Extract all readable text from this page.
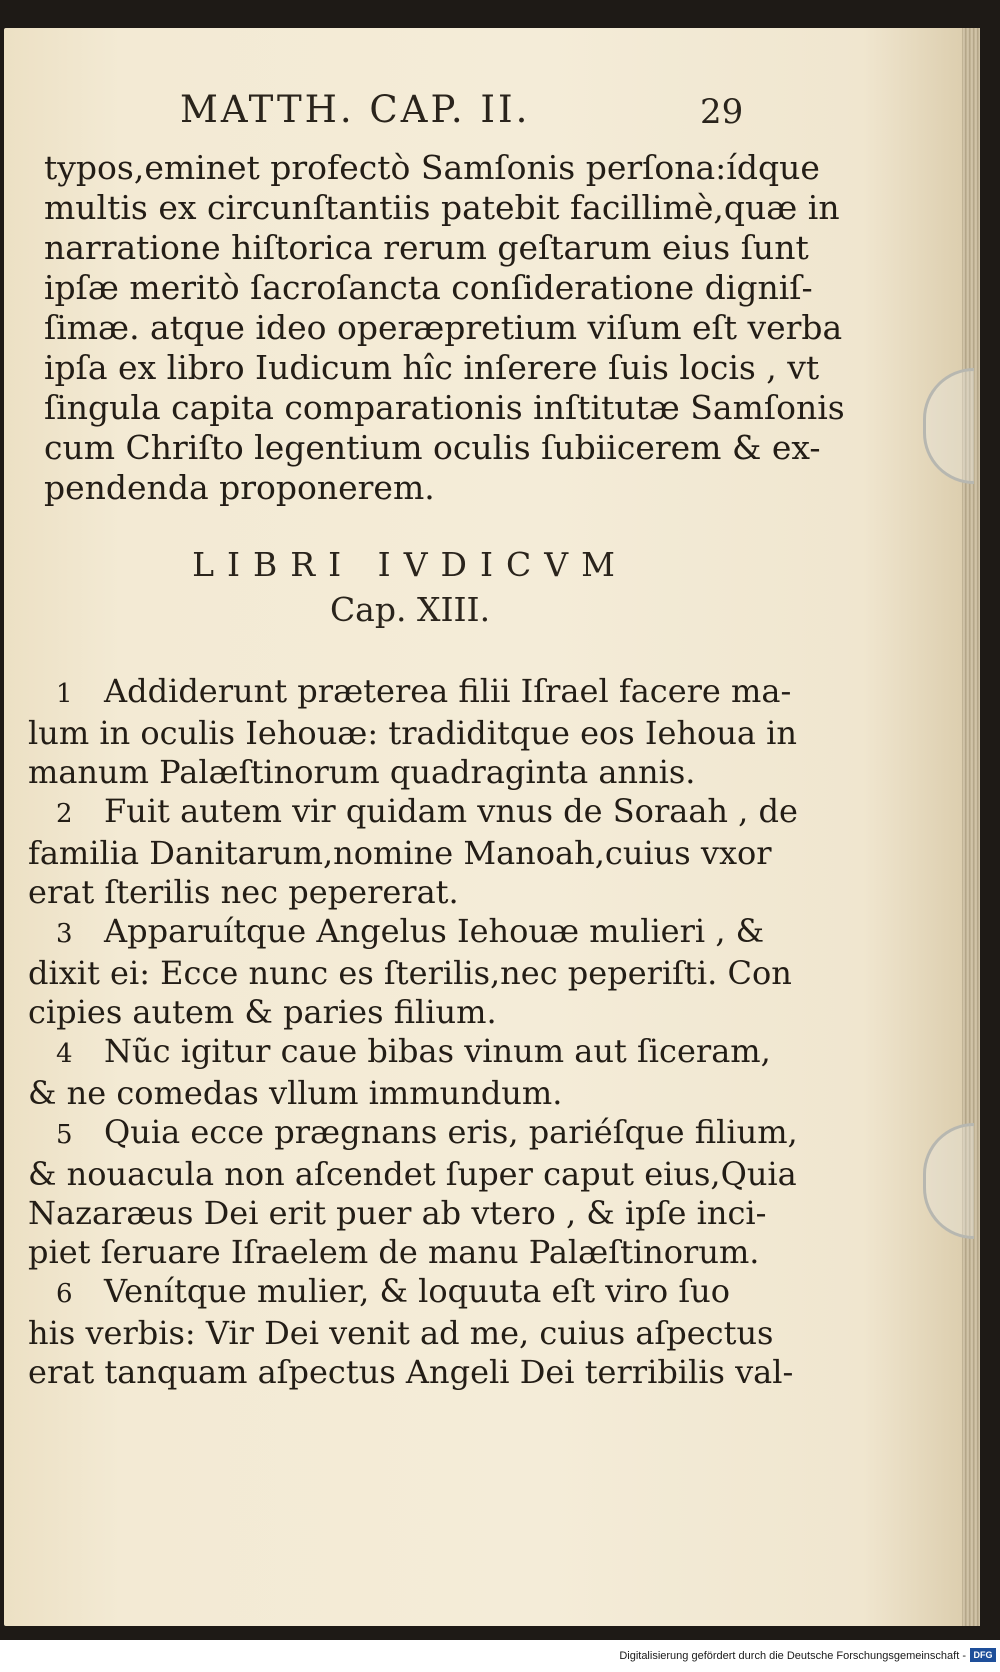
MATTH. CAP. II.	29
typos,eminet profectò Samſonis perſona:ídque
multis ex circunſtantiis patebit facillimè,quæ in
narratione hiſtorica rerum geſtarum eius ſunt
ipſæ meritò ſacroſancta conſideratione digniſ-
ſimæ. atque ideo operæpretium viſum eſt verba
ipſa ex libro Iudicum hîc inſerere ſuis locis , vt
ſingula capita comparationis inſtitutæ Samſonis
cum Chriſto legentium oculis ſubiicerem & ex-
pendenda proponerem.
LIBRI IVDICVM
Cap. XIII.
1 Addiderunt præterea filii Iſrael facere ma-
lum in oculis Iehouæ: tradiditque eos Iehoua in
manum Palæſtinorum quadraginta annis.
2 Fuit autem vir quidam vnus de Soraah , de
familia Danitarum,nomine Manoah,cuius vxor
erat ſterilis nec pepererat.
3 Apparuítque Angelus Iehouæ mulieri , &
dixit ei: Ecce nunc es ſterilis,nec peperiſti. Con
cipies autem & paries filium.
4 Nũc igitur caue bibas vinum aut ſiceram,
& ne comedas vllum immundum.
5 Quia ecce prægnans eris, pariéſque filium,
& nouacula non aſcendet ſuper caput eius,Quia
Nazaræus Dei erit puer ab vtero , & ipſe inci-
piet ſeruare Iſraelem de manu Palæſtinorum.
6 Venítque mulier, & loquuta eſt viro ſuo
his verbis: Vir Dei venit ad me, cuius aſpectus
erat tanquam aſpectus Angeli Dei terribilis val-
Digitalisierung gefördert durch die Deutsche Forschungsgemeinschaft - DFG
